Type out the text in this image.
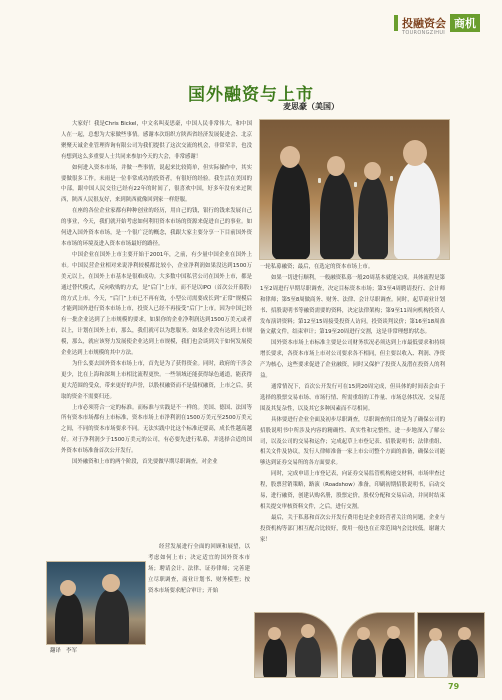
投融资会
TOURONGZIHUI
商机
国外融资与上市
麦思豪（美国）

大家好！我是Chris Bickel，中文名叫麦思豪，中国人民非常伟大，和中国人在一起，总想为大家做些事情。感谢本次组织方陕西省经济发展促进会、北京聚聚天诚企业管理咨询有限公司为我们提供了这次交流的机会，非常荣幸，也没有想到这么多重要人士共同来参加今天的大会，非常感谢！

如何进入资本市场，并做一些事情，说起来比较简单，但实际操作中，其实要做很多工作。未雨是一位非常成功的投资者，有很好的经验。我生活在美国的中部，跟中国人民交往已经有22年的时间了，很喜欢中国，好多年没有来过陕西，陕西人民很友好，来到陕西就像回到家一样舒服。

在座的各位企业家都有种种创业的经历，用自己的钱，银行的钱来发展自己的事业，今天，我们就开始考虑如何利用资本市场的资源来促进自己的事业。如何进入国外资本市场，是一个很广泛的概念，我跟大家主要分享一下目前国外资本市场的环境及进入资本市场最好的路径。

中国企业在国外上市主要开始于2001年，之前，有少量中国企业在国外上市。中国民营企业相对来说净利较模都比较小，企业净利润如果没达到1500万美元以上，在国外上市基本是很难成功。大多数中国私营公司在国外上市，都是通过替代模式，反向收购的方式，是“后门”上市，而不是以IPO（首次公开募股）的方式上市。今天，“后门”上市已不再有效，小型公司需要成长到“正常”规模后才能到国外进行资本市场上市，投资人已经不再接受“后门”上市。因为中国已经有一批企业达到了上市规模的要求，如果你的企业净利润达到1500万美元或者以上，计划在国外上市，那么，我们就可以为您服务。如果企业没有达到上市规模，那么，就应该努力发展使企业达到上市规模，我们也会谈到关于如何发展使企业达到上市规模的其中方法。

为什么要去国外资本市场上市，首先是为了获得资金。同时，政府的干涉会更少，比在上海和深圳上市相比流程更快。一些领域还能获得绿色通道，能获得更大范围的受众，带来更好的声誉，以股权融资而不是债权融资，上市之后，获取的资金不需要归还。

上市必须符合一定的标准。而标准与实践是不一样的。美国、德国、法国等所有资本市场都有上市标准，资本市场上市净利润在1500万美元至2500万美元之间，不同的资本市场要求不同。无法实践中比这个标准还要高，成长性越高越好。对于净利润少于1500万美元的公司，有必要先进行私募，并选择合适的国外资本市场准备首次公开发行。

国外融资和上市的两个阶段，首先要做早期尽职调查，对企业

经营发展进行全面的回顾和展望，以考虑如何上市；决定适宜的国外资本市场；聘请会计、法律、证券律师；完善建立尽职调查，商业计划书、财务模型；按资本市场要求配合审计；开始

翻译　李军

一轮私募融资；最后，在选定的资本市场上市。

如果一切进行顺利，一般融资私募一般20周基本就能完成。具体流程是第1至2周进行早期尽职调查，决定目标资本市场；第3至4周聘请投行、会计师和律师；第5至8周做商务、财务、法律、会计尽职调查。同时，起草商业计划书、招股说明书等融资需要的资料，决定法律架构；第9至11周向机构投资人发布演讲资料；第12至15周接受投资人访问，投资谈判议价；第16至18周准备文献文件，结束审计；第19至20周进行交割，这是非常理想的状态。

国外资本市场上市标准主要是公司财务状况必须达到上市最低要求和持续增长要求，各资本市场上市对公司要求各不相同，但主要以收入、利润、净资产为核心，这些要求促进了企业融资，同时又保护了投资人及潜在投资人的利益。

通常情况下，首次公开发行可在15到20周完成，但具体的时间表会由于选择的股票交易市场、市场行情、所需重组的工作量、市场总体状况、交易范围及其复杂性，以及其它多种因素而不尽相同。

具体要进行企业全面及初步尽职调查，尽职调查的目的是为了确保公司的招股说明书中所涉及内容的精确性、真实性和完整性，进一步地深入了解公司，以及公司的交易和运作；完成起草上市登记表、招股说明书；法律重组、相关文件及协议，发行人律师准备一家上市公司整个方面的准备，确保公司能够达到证券交易所的各方面要求。

同时，完成申请上市登记表，向证券交易监管机构递交材料，市场审查过程，股票营销策略，路演（Roadshow）准备，印刷初期招股说明书，启动交易，进行融资，创建认购名册，股票定价，股权分配和交易启动，并同时结束相关提交审核资料文件，之后，进行交割。

最后，关于私募和首次公开发行费用也是企业经营者关注的问题，企业与投资机构等部门相互配合比较好，费用一般也在正常范围内会比较低。谢谢大家！

79
